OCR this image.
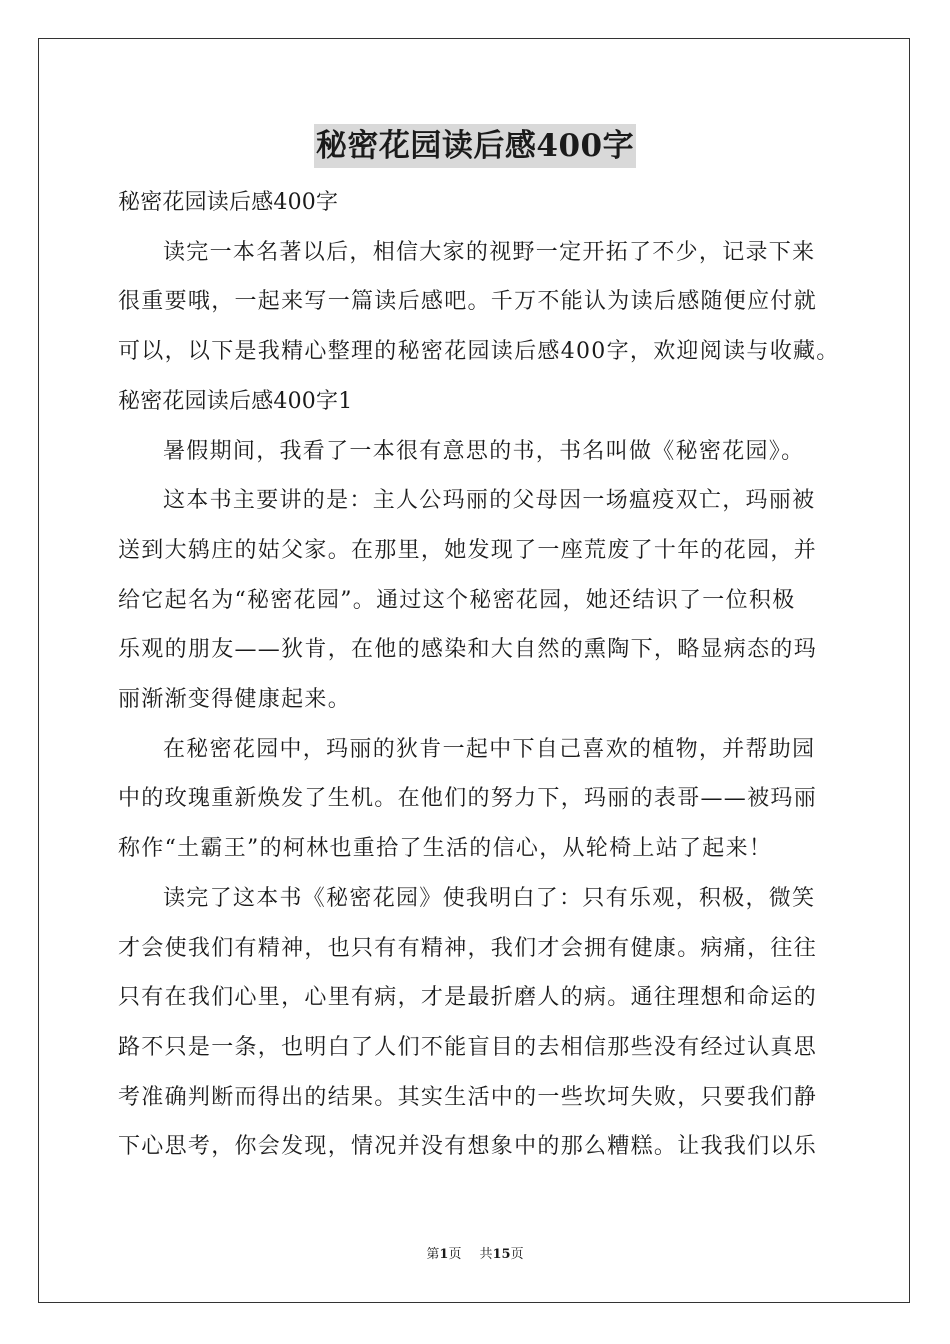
秘密花园读后感400字
秘密花园读后感400字
读完一本名著以后，相信大家的视野一定开拓了不少，记录下来
很重要哦，一起来写一篇读后感吧。千万不能认为读后感随便应付就
可以，以下是我精心整理的秘密花园读后感400字，欢迎阅读与收藏。
秘密花园读后感400字1
暑假期间，我看了一本很有意思的书，书名叫做《秘密花园》。
这本书主要讲的是：主人公玛丽的父母因一场瘟疫双亡，玛丽被
送到大鸫庄的姑父家。在那里，她发现了一座荒废了十年的花园，并
给它起名为“秘密花园”。通过这个秘密花园，她还结识了一位积极
乐观的朋友——狄肯，在他的感染和大自然的熏陶下，略显病态的玛
丽渐渐变得健康起来。
在秘密花园中，玛丽的狄肯一起中下自己喜欢的植物，并帮助园
中的玫瑰重新焕发了生机。在他们的努力下，玛丽的表哥——被玛丽
称作“土霸王”的柯林也重拾了生活的信心，从轮椅上站了起来！
读完了这本书《秘密花园》使我明白了：只有乐观，积极，微笑
才会使我们有精神，也只有有精神，我们才会拥有健康。病痛，往往
只有在我们心里，心里有病，才是最折磨人的病。通往理想和命运的
路不只是一条，也明白了人们不能盲目的去相信那些没有经过认真思
考准确判断而得出的结果。其实生活中的一些坎坷失败，只要我们静
下心思考，你会发现，情况并没有想象中的那么糟糕。让我我们以乐
第1页 共15页
